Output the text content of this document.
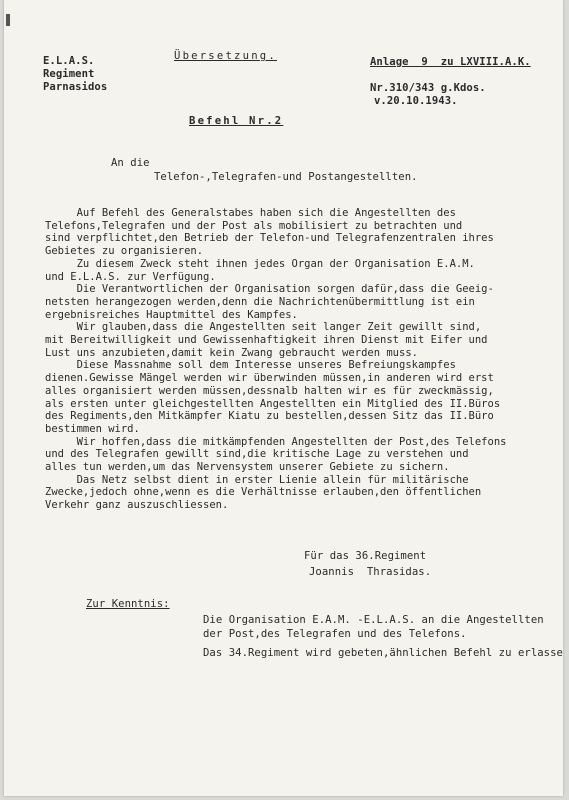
E.L.A.S.
Regiment
Parnasidos
Übersetzung.	Anlage  9  zu LXVIII.A.K.
Nr.310/343 g.Kdos.
v.20.10.1943.
Befehl Nr.2
An die
Telefon-,Telegrafen-und Postangestellten.
Auf Befehl des Generalstabes haben sich die Angestellten des
Telefons,Telegrafen und der Post als mobilisiert zu betrachten und
sind verpflichtet,den Betrieb der Telefon-und Telegrafenzentralen ihres
Gebietes zu organisieren.
Zu diesem Zweck steht ihnen jedes Organ der Organisation E.A.M.
und E.L.A.S. zur Verfügung.
Die Verantwortlichen der Organisation sorgen dafür,dass die Geeig-
netsten herangezogen werden,denn die Nachrichtenübermittlung ist ein
ergebnisreiches Hauptmittel des Kampfes.
Wir glauben,dass die Angestellten seit langer Zeit gewillt sind,
mit Bereitwilligkeit und Gewissenhaftigkeit ihren Dienst mit Eifer und
Lust uns anzubieten,damit kein Zwang gebraucht werden muss.
Diese Massnahme soll dem Interesse unseres Befreiungskampfes
dienen.Gewisse Mängel werden wir überwinden müssen,in anderen wird erst
alles organisiert werden müssen,dessnalb halten wir es für zweckmässig,
als ersten unter gleichgestellten Angestellten ein Mitglied des II.Büros
des Regiments,den Mitkämpfer Kiatu zu bestellen,dessen Sitz das II.Büro
bestimmen wird.
Wir hoffen,dass die mitkämpfenden Angestellten der Post,des Telefons
und des Telegrafen gewillt sind,die kritische Lage zu verstehen und
alles tun werden,um das Nervensystem unserer Gebiete zu sichern.
Das Netz selbst dient in erster Lienie allein für militärische
Zwecke,jedoch ohne,wenn es die Verhältnisse erlauben,den öffentlichen
Verkehr ganz auszuschliessen.
Für das 36.Regiment
Joannis  Thrasidas.
Zur Kenntnis:
Die Organisation E.A.M. -E.L.A.S. an die Angestellten
der Post,des Telegrafen und des Telefons.
Das 34.Regiment wird gebeten,ähnlichen Befehl zu erlasse
